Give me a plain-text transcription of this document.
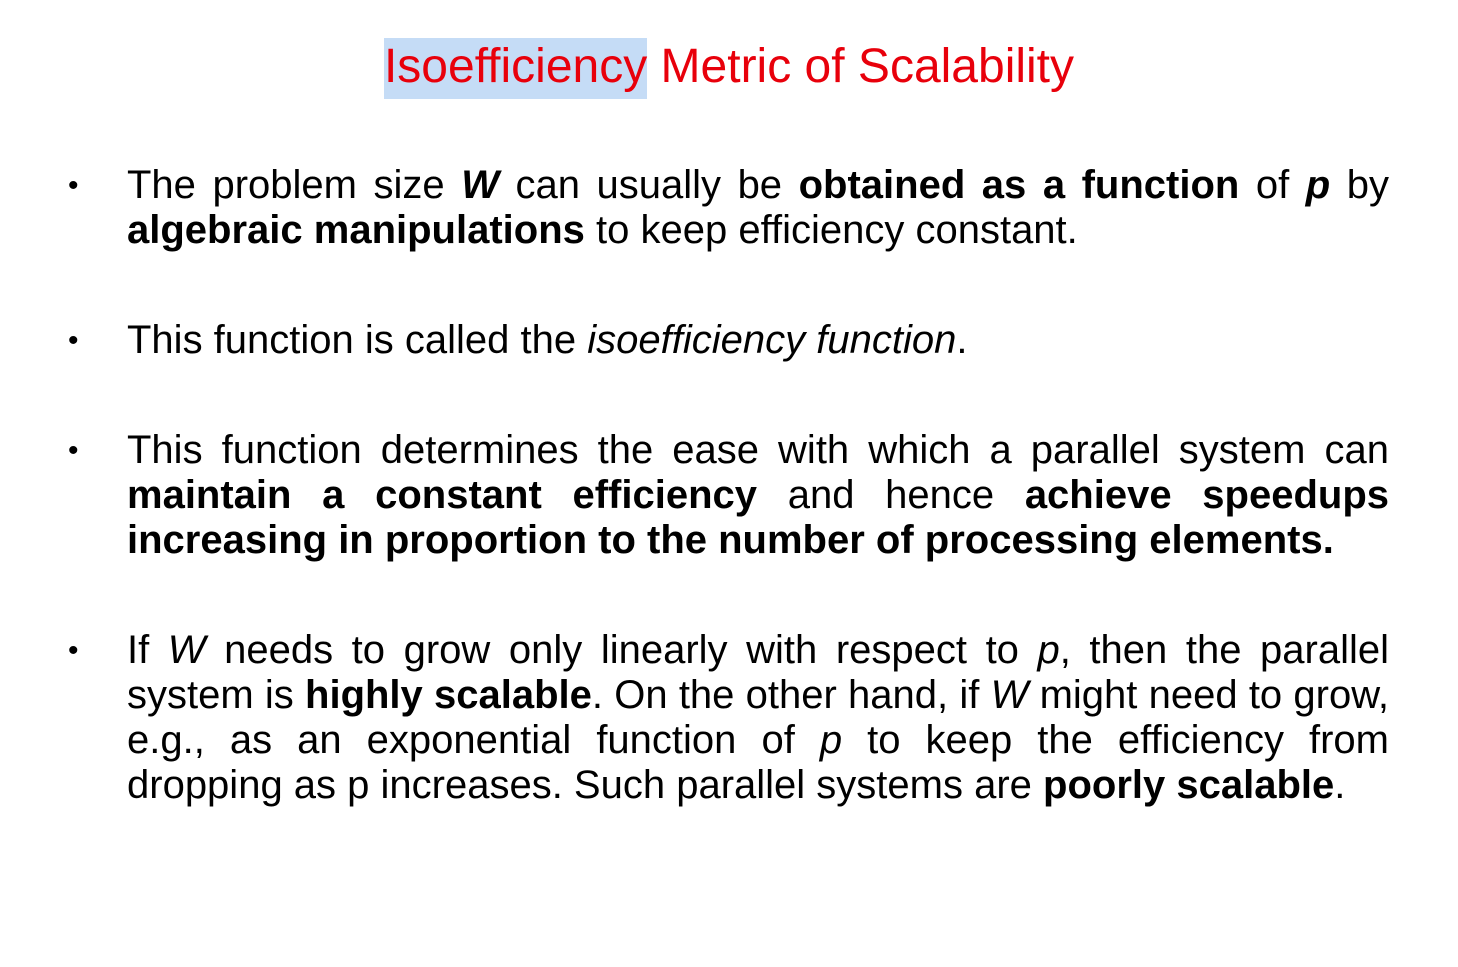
Isoefficiency Metric of Scalability
• The problem size W can usually be obtained as a function of p by algebraic manipulations to keep efficiency constant.
• This function is called the isoefficiency function.
• This function determines the ease with which a parallel system can maintain a constant efficiency and hence achieve speedups increasing in proportion to the number of processing elements.
• If W needs to grow only linearly with respect to p, then the parallel system is highly scalable. On the other hand, if W might need to grow, e.g., as an exponential function of p to keep the efficiency from dropping as p increases. Such parallel systems are poorly scalable.
